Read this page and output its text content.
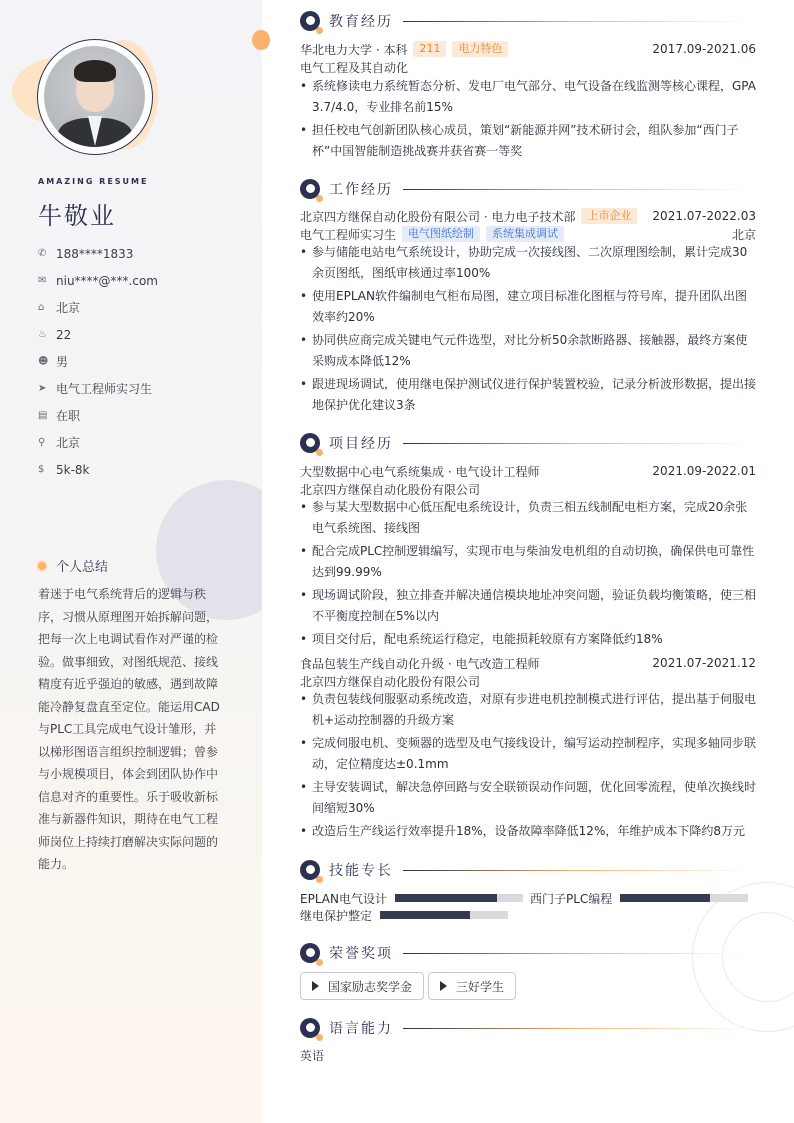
AMAZING RESUME
牛敬业
✆ 188****1833
✉ niu****@***.com
⌂ 北京
♨ 22
☻ 男
➤ 电气工程师实习生
▤ 在职
⚲ 北京
$ 5k-8k
个人总结
着迷于电气系统背后的逻辑与秩序，习惯从原理图开始拆解问题，把每一次上电调试看作对严谨的检验。做事细致，对图纸规范、接线精度有近乎强迫的敏感，遇到故障能冷静复盘直至定位。能运用CAD与PLC工具完成电气设计雏形，并以梯形图语言组织控制逻辑；曾参与小规模项目，体会到团队协作中信息对齐的重要性。乐于吸收新标准与新器件知识，期待在电气工程师岗位上持续打磨解决实际问题的能力。
教育经历
华北电力大学 · 本科	211	电力特色	2017.09-2021.06
电气工程及其自动化
• 系统修读电力系统暂态分析、发电厂电气部分、电气设备在线监测等核心课程，GPA 3.7/4.0，专业排名前15%
• 担任校电气创新团队核心成员，策划“新能源并网”技术研讨会，组队参加“西门子杯”中国智能制造挑战赛并获省赛一等奖
工作经历
北京四方继保自动化股份有限公司 · 电力电子技术部	上市企业	2021.07-2022.03
电气工程师实习生	电气图纸绘制	系统集成调试	北京
• 参与储能电站电气系统设计，协助完成一次接线图、二次原理图绘制，累计完成30余页图纸，图纸审核通过率100%
• 使用EPLAN软件编制电气柜布局图，建立项目标准化图框与符号库，提升团队出图效率约20%
• 协同供应商完成关键电气元件选型，对比分析50余款断路器、接触器，最终方案使采购成本降低12%
• 跟进现场调试，使用继电保护测试仪进行保护装置校验，记录分析波形数据，提出接地保护优化建议3条
项目经历
大型数据中心电气系统集成 · 电气设计工程师	2021.09-2022.01
北京四方继保自动化股份有限公司
• 参与某大型数据中心低压配电系统设计，负责三相五线制配电柜方案，完成20余张电气系统图、接线图
• 配合完成PLC控制逻辑编写，实现市电与柴油发电机组的自动切换，确保供电可靠性达到99.99%
• 现场调试阶段，独立排查并解决通信模块地址冲突问题，验证负载均衡策略，使三相不平衡度控制在5%以内
• 项目交付后，配电系统运行稳定，电能损耗较原有方案降低约18%
食品包装生产线自动化升级 · 电气改造工程师	2021.07-2021.12
北京四方继保自动化股份有限公司
• 负责包装线伺服驱动系统改造，对原有步进电机控制模式进行评估，提出基于伺服电机+运动控制器的升级方案
• 完成伺服电机、变频器的选型及电气接线设计，编写运动控制程序，实现多轴同步联动，定位精度达±0.1mm
• 主导安装调试，解决急停回路与安全联锁误动作问题，优化回零流程，使单次换线时间缩短30%
• 改造后生产线运行效率提升18%，设备故障率降低12%，年维护成本下降约8万元
技能专长
EPLAN电气设计	西门子PLC编程
继电保护整定
荣誉奖项
国家励志奖学金	三好学生
语言能力
英语
